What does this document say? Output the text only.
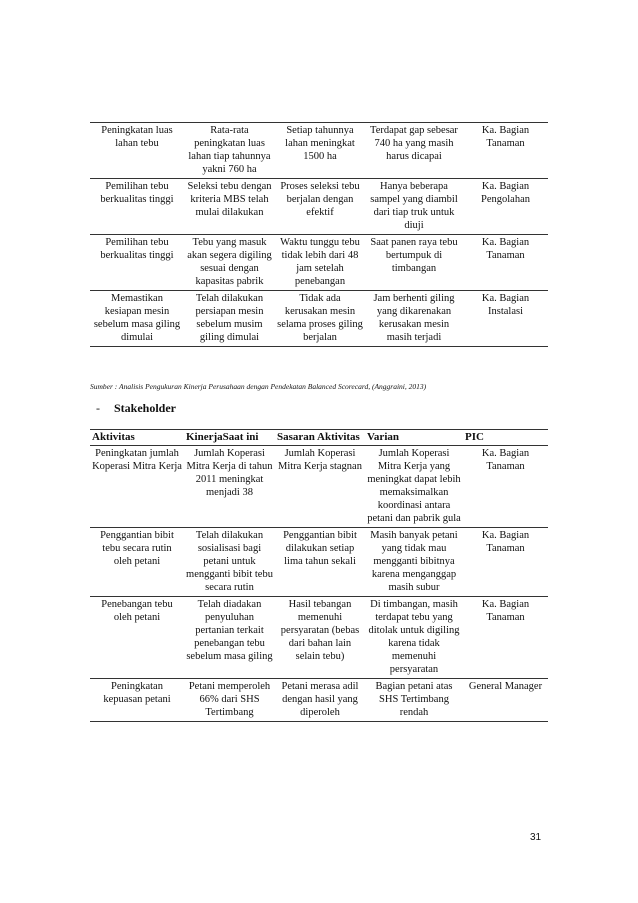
Peningkatan luas lahan tebu	Rata-rata peningkatan luas lahan tiap tahunnya yakni 760 ha	Setiap tahunnya lahan meningkat 1500 ha	Terdapat gap sebesar 740 ha yang masih harus dicapai	Ka. Bagian Tanaman
Pemilihan tebu berkualitas tinggi	Seleksi tebu dengan kriteria MBS telah mulai dilakukan	Proses seleksi tebu berjalan dengan efektif	Hanya beberapa sampel yang diambil dari tiap truk untuk diuji	Ka. Bagian Pengolahan
Pemilihan tebu berkualitas tinggi	Tebu yang masuk akan segera digiling sesuai dengan kapasitas pabrik	Waktu tunggu tebu tidak lebih dari 48 jam setelah penebangan	Saat panen raya tebu bertumpuk di timbangan	Ka. Bagian Tanaman
Memastikan kesiapan mesin sebelum masa giling dimulai	Telah dilakukan persiapan mesin sebelum musim giling dimulai	Tidak ada kerusakan mesin selama proses giling berjalan	Jam berhenti giling yang dikarenakan kerusakan mesin masih terjadi	Ka. Bagian Instalasi
Sumber : Analisis Pengukuran Kinerja Perusahaan dengan Pendekatan Balanced Scorecard, (Anggraini, 2013)
- Stakeholder
Aktivitas	KinerjaSaat ini	Sasaran Aktivitas	Varian	PIC
Peningkatan jumlah Koperasi Mitra Kerja	Jumlah Koperasi Mitra Kerja di tahun 2011 meningkat menjadi 38	Jumlah Koperasi Mitra Kerja stagnan	Jumlah Koperasi Mitra Kerja yang meningkat dapat lebih memaksimalkan koordinasi antara petani dan pabrik gula	Ka. Bagian Tanaman
Penggantian bibit tebu secara rutin oleh petani	Telah dilakukan sosialisasi bagi petani untuk mengganti bibit tebu secara rutin	Penggantian bibit dilakukan setiap lima tahun sekali	Masih banyak petani yang tidak mau mengganti bibitnya karena menganggap masih subur	Ka. Bagian Tanaman
Penebangan tebu oleh petani	Telah diadakan penyuluhan pertanian terkait penebangan tebu sebelum masa giling	Hasil tebangan memenuhi persyaratan (bebas dari bahan lain selain tebu)	Di timbangan, masih terdapat tebu yang ditolak untuk digiling karena tidak memenuhi persyaratan	Ka. Bagian Tanaman
Peningkatan kepuasan petani	Petani memperoleh 66% dari SHS Tertimbang	Petani merasa adil dengan hasil yang diperoleh	Bagian petani atas SHS Tertimbang rendah	General Manager
31
